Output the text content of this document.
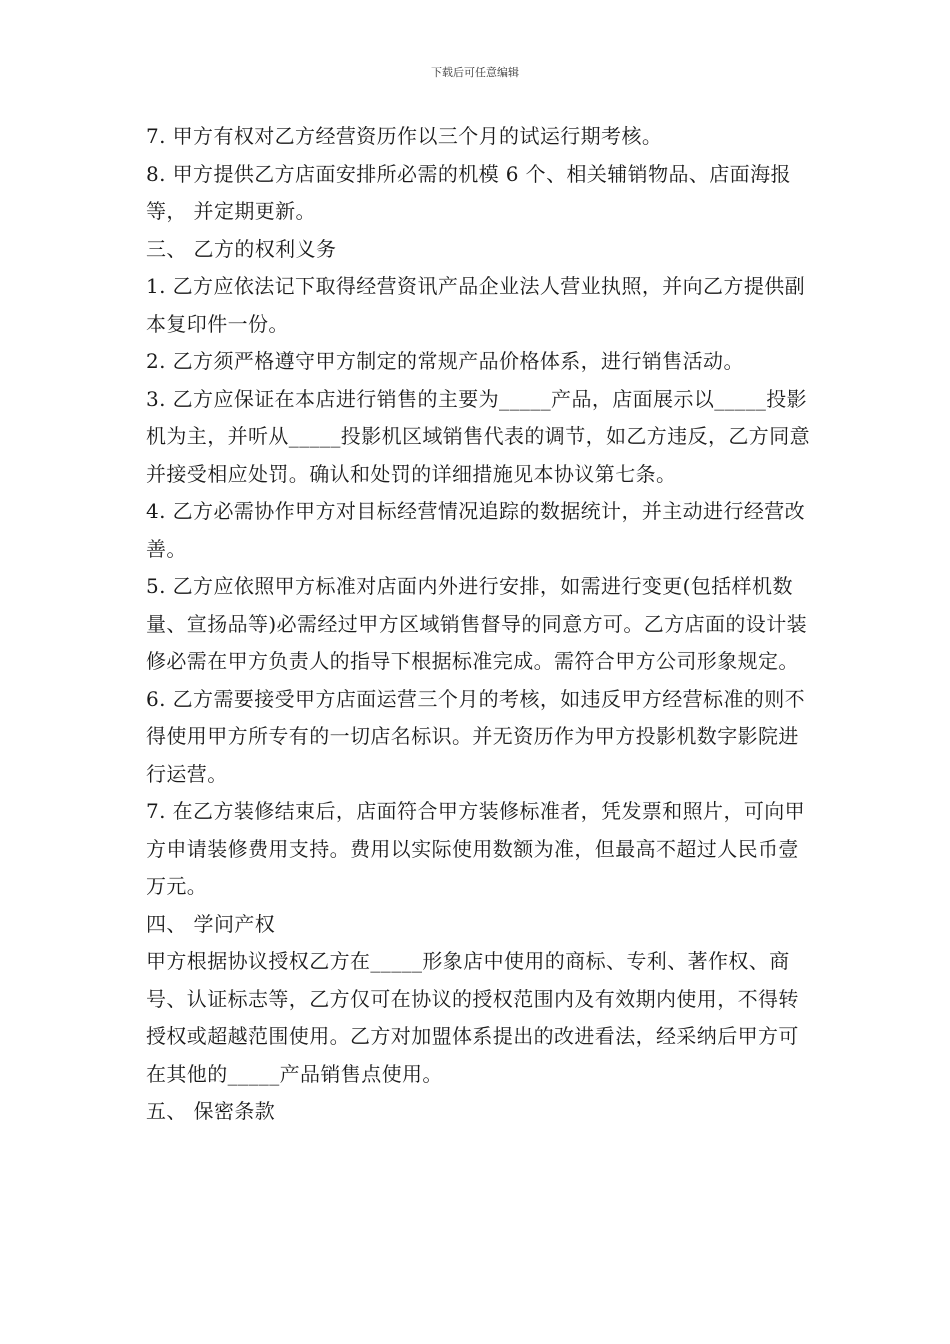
下载后可任意编辑

7. 甲方有权对乙方经营资历作以三个月的试运行期考核。

8. 甲方提供乙方店面安排所必需的机模 6 个、相关辅销物品、店面海报等， 并定期更新。

三、 乙方的权利义务

1. 乙方应依法记下取得经营资讯产品企业法人营业执照，并向乙方提供副本复印件一份。

2. 乙方须严格遵守甲方制定的常规产品价格体系，进行销售活动。

3. 乙方应保证在本店进行销售的主要为_____产品，店面展示以_____投影机为主，并听从_____投影机区域销售代表的调节，如乙方违反，乙方同意并接受相应处罚。确认和处罚的详细措施见本协议第七条。

4. 乙方必需协作甲方对目标经营情况追踪的数据统计，并主动进行经营改善。

5. 乙方应依照甲方标准对店面内外进行安排，如需进行变更(包括样机数量、宣扬品等)必需经过甲方区域销售督导的同意方可。乙方店面的设计装修必需在甲方负责人的指导下根据标准完成。需符合甲方公司形象规定。

6. 乙方需要接受甲方店面运营三个月的考核，如违反甲方经营标准的则不得使用甲方所专有的一切店名标识。并无资历作为甲方投影机数字影院进行运营。

7. 在乙方装修结束后，店面符合甲方装修标准者，凭发票和照片，可向甲方申请装修费用支持。费用以实际使用数额为准，但最高不超过人民币壹万元。

四、 学问产权

甲方根据协议授权乙方在_____形象店中使用的商标、专利、著作权、商号、认证标志等，乙方仅可在协议的授权范围内及有效期内使用，不得转授权或超越范围使用。乙方对加盟体系提出的改进看法，经采纳后甲方可在其他的_____产品销售点使用。

五、 保密条款
